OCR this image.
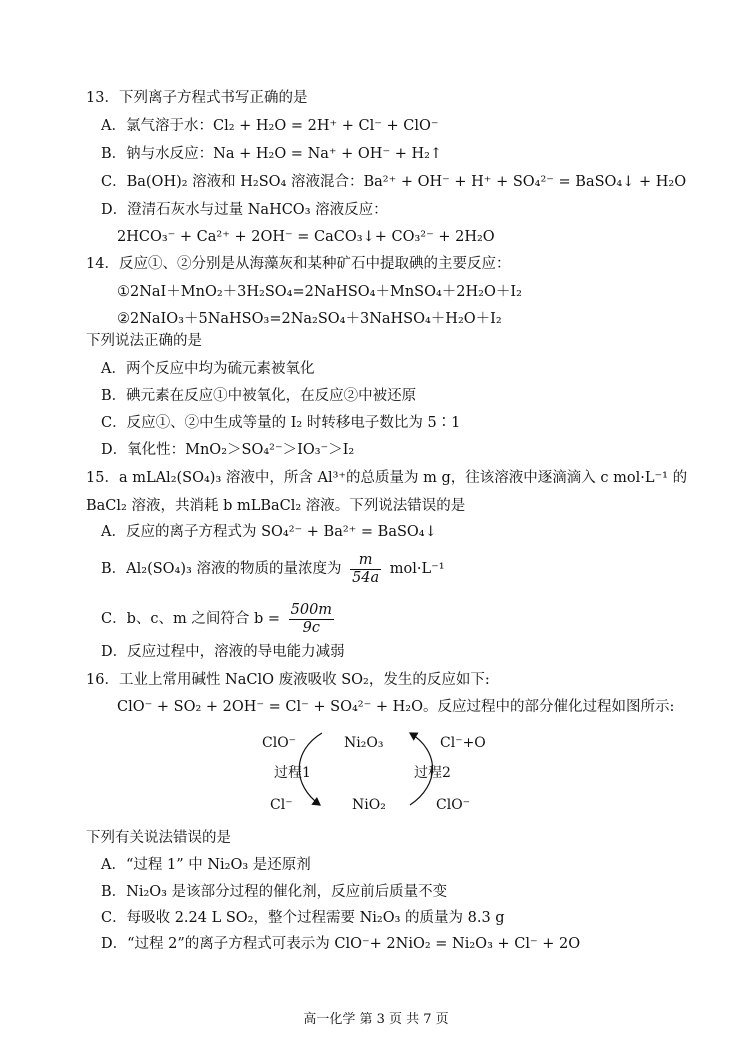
13．下列离子方程式书写正确的是
A．氯气溶于水：Cl₂ + H₂O = 2H⁺ + Cl⁻ + ClO⁻
B．钠与水反应：Na + H₂O = Na⁺ + OH⁻ + H₂↑
C．Ba(OH)₂ 溶液和 H₂SO₄ 溶液混合：Ba²⁺ + OH⁻ + H⁺ + SO₄²⁻ = BaSO₄↓ + H₂O
D．澄清石灰水与过量 NaHCO₃ 溶液反应：
2HCO₃⁻ + Ca²⁺ + 2OH⁻ = CaCO₃↓+ CO₃²⁻ + 2H₂O
14．反应①、②分别是从海藻灰和某种矿石中提取碘的主要反应：
①2NaI＋MnO₂＋3H₂SO₄=2NaHSO₄＋MnSO₄＋2H₂O＋I₂
②2NaIO₃＋5NaHSO₃=2Na₂SO₄＋3NaHSO₄＋H₂O＋I₂
下列说法正确的是
A．两个反应中均为硫元素被氧化
B．碘元素在反应①中被氧化，在反应②中被还原
C．反应①、②中生成等量的 I₂ 时转移电子数比为 5∶1
D．氧化性：MnO₂＞SO₄²⁻＞IO₃⁻＞I₂
15．a mLAl₂(SO₄)₃ 溶液中，所含 Al³⁺的总质量为 m g，往该溶液中逐滴滴入 c mol·L⁻¹ 的
BaCl₂ 溶液，共消耗 b mLBaCl₂ 溶液。下列说法错误的是
A．反应的离子方程式为 SO₄²⁻ + Ba²⁺ = BaSO₄↓
B．Al₂(SO₄)₃ 溶液的物质的量浓度为 $\frac{m}{54a} mol\cdot L^{-1}$
C．b、c、m 之间符合 $b = \frac{500m}{9c}$
D．反应过程中，溶液的导电能力减弱
16．工业上常用碱性 NaClO 废液吸收 SO₂，发生的反应如下:
ClO⁻ + SO₂ + 2OH⁻ = Cl⁻ + SO₄²⁻ + H₂O。反应过程中的部分催化过程如图所示:
ClO⁻	Ni₂O₃	Cl⁻+O
过程1	过程2
Cl⁻	NiO₂	ClO⁻
下列有关说法错误的是
A．“过程 1” 中 Ni₂O₃ 是还原剂
B．Ni₂O₃ 是该部分过程的催化剂，反应前后质量不变
C．每吸收 2.24 L SO₂，整个过程需要 Ni₂O₃ 的质量为 8.3 g
D．“过程 2”的离子方程式可表示为 ClO⁻+ 2NiO₂ = Ni₂O₃ + Cl⁻ + 2O
高一化学 第 3 页 共 7 页
